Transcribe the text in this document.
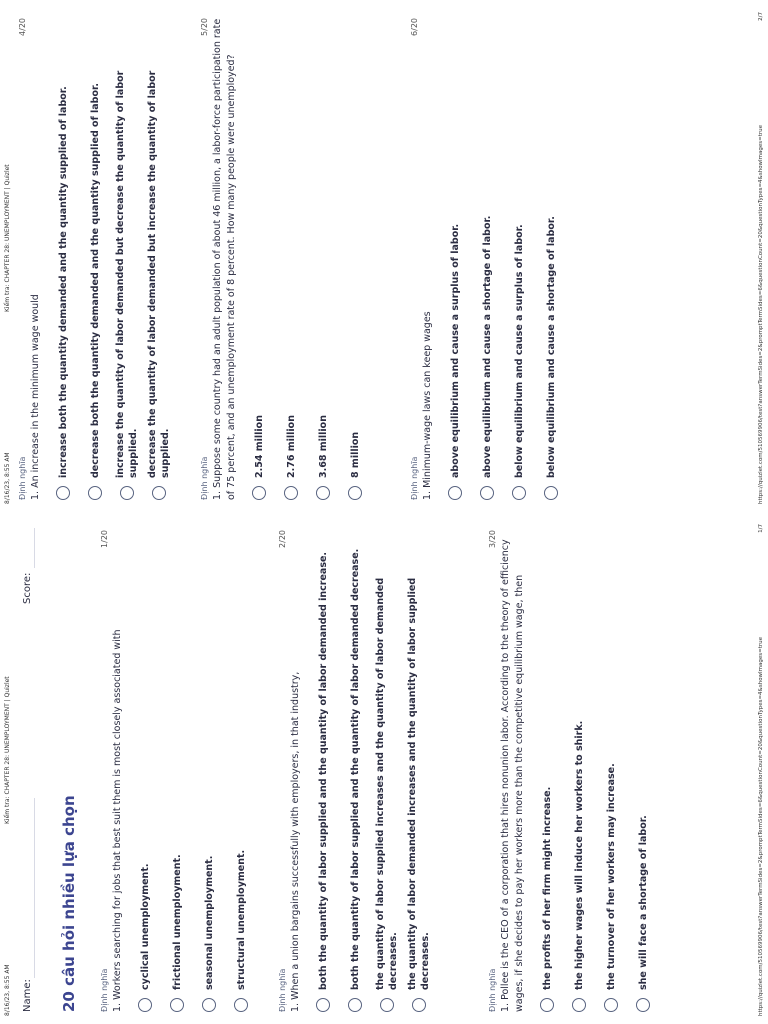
8/16/23, 8:55 AM
Kiểm tra: CHAPTER 28: UNEMPLOYMENT | Quizlet
Name:
Score:
20 câu hỏi nhiều lựa chọn
1/20
Định nghĩa 1. Workers searching for jobs that best suit them is most closely associated with cyclical unemployment. frictional unemployment. seasonal unemployment. structural unemployment.
2/20
Định nghĩa 1. When a union bargains successfully with employers, in that industry, both the quantity of labor supplied and the quantity of labor demanded increase. both the quantity of labor supplied and the quantity of labor demanded decrease. the quantity of labor supplied increases and the quantity of labor demanded decreases. the quantity of labor demanded increases and the quantity of labor supplied decreases.
3/20
Định nghĩa 1. Pollee is the CEO of a corporation that hires nonunion labor. According to the theory of efficiency wages, if she decides to pay her workers more than the competitive equilibrium wage, then the profits of her firm might increase. the higher wages will induce her workers to shirk. the turnover of her workers may increase. she will face a shortage of labor.	https://quizlet.com/510569906/test?answerTermSides=2&promptTermSides=6&questionCount=20&questionTypes=4&showImages=true
1/7
8/16/23, 8:55 AM
Kiểm tra: CHAPTER 28: UNEMPLOYMENT | Quizlet
4/20
Định nghĩa 1. An increase in the minimum wage would increase both the quantity demanded and the quantity supplied of labor. decrease both the quantity demanded and the quantity supplied of labor. increase the quantity of labor demanded but decrease the quantity of labor supplied. decrease the quantity of labor demanded but increase the quantity of labor supplied.
5/20
Định nghĩa 1. Suppose some country had an adult population of about 46 million, a labor-force participation rate of 75 percent, and an unemployment rate of 8 percent. How many people were unemployed? 2.54 million 2.76 million 3.68 million 8 million
6/20
Định nghĩa 1. Minimum-wage laws can keep wages above equilibrium and cause a surplus of labor. above equilibrium and cause a shortage of labor. below equilibrium and cause a surplus of labor. below equilibrium and cause a shortage of labor.	https://quizlet.com/510569906/test?answerTermSides=2&promptTermSides=6&questionCount=20&questionTypes=4&showImages=true
2/7
